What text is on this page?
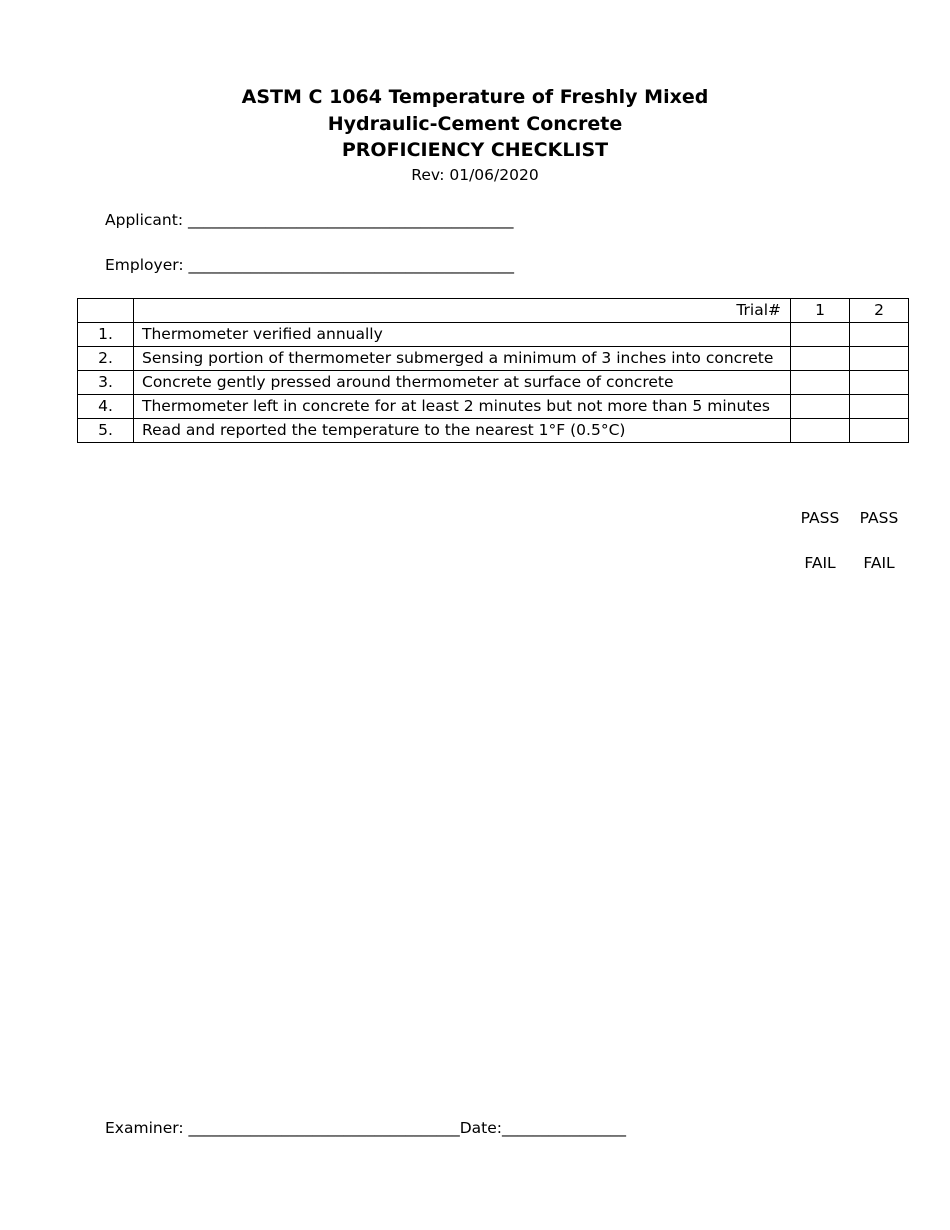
ASTM C 1064 Temperature of Freshly Mixed
Hydraulic-Cement Concrete
PROFICIENCY CHECKLIST
Rev: 01/06/2020
Applicant: __________________________________________
Employer: __________________________________________
	Trial#	1	2
1.	Thermometer verified annually		
2.	Sensing portion of thermometer submerged a minimum of 3 inches into concrete		
3.	Concrete gently pressed around thermometer at surface of concrete		
4.	Thermometer left in concrete for at least 2 minutes but not more than 5 minutes		
5.	Read and reported the temperature to the nearest 1°F (0.5°C)		
PASS	PASS
FAIL	FAIL
Examiner: ___________________________________Date:________________
